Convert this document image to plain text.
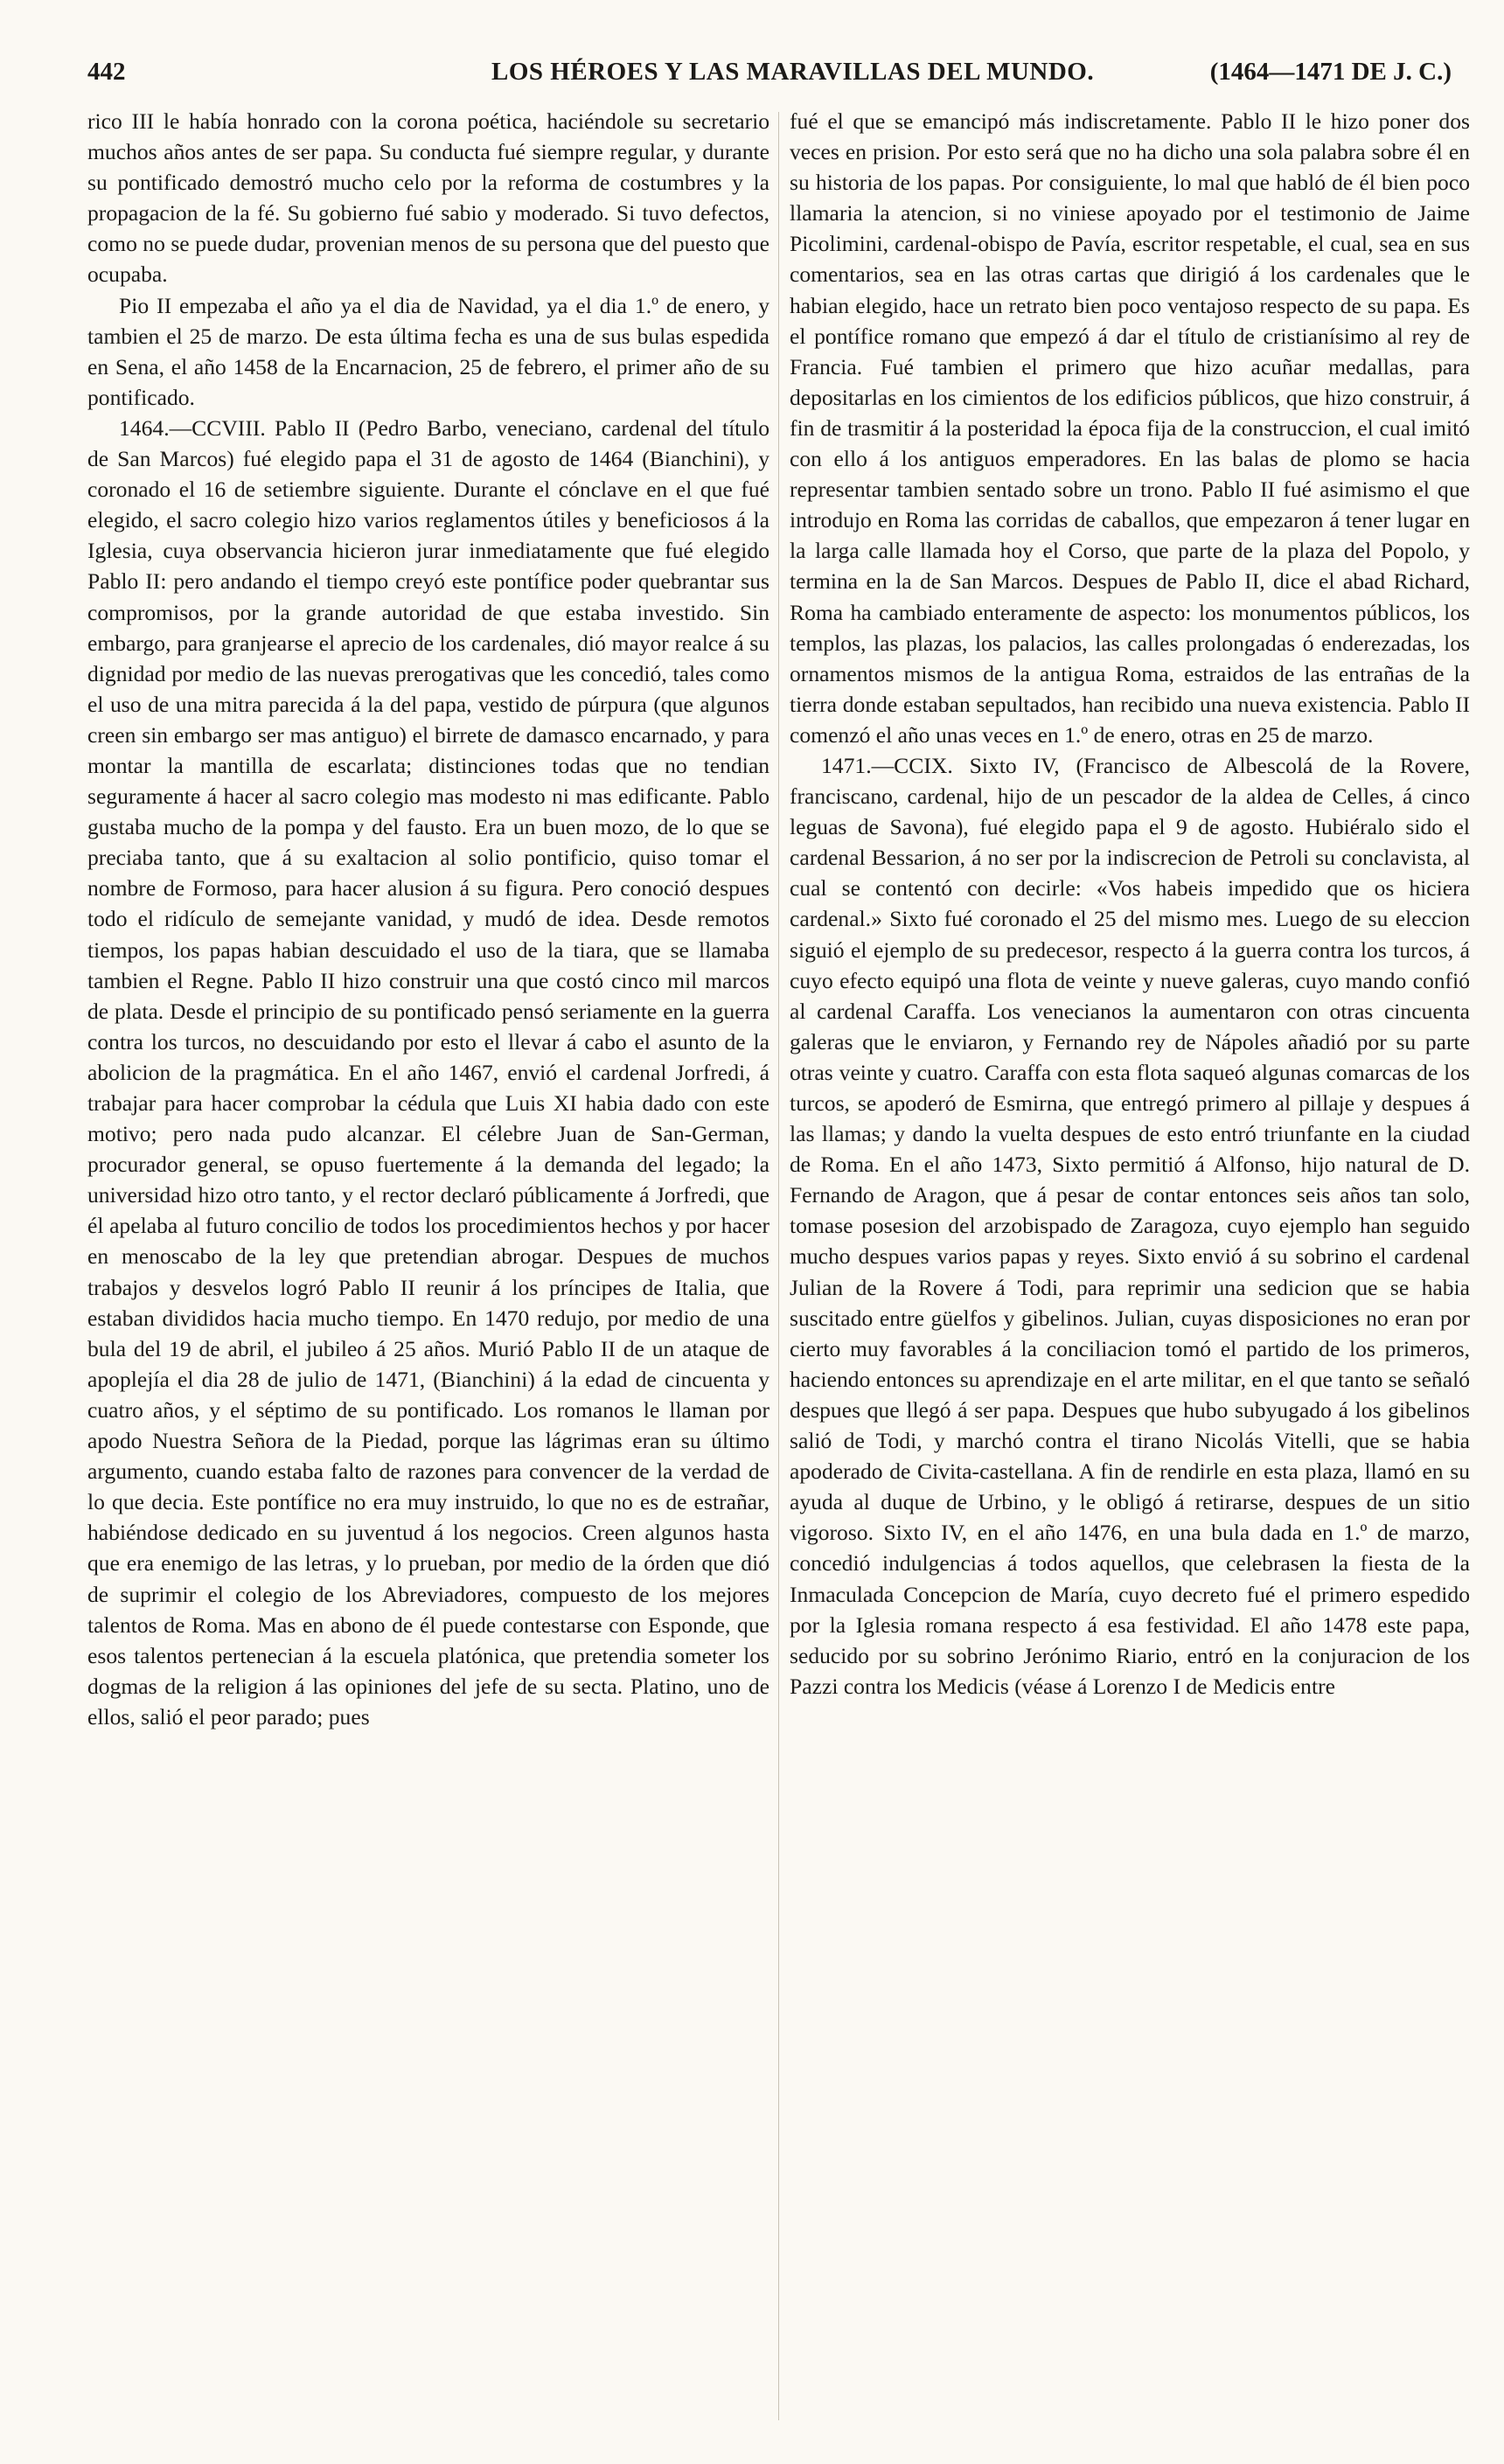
442	LOS HÉROES Y LAS MARAVILLAS DEL MUNDO.	(1464—1471 DE J. C.)

rico III le había honrado con la corona poética, haciéndole su secretario muchos años antes de ser papa. Su conducta fué siempre regular, y durante su pontificado demostró mucho celo por la reforma de costumbres y la propagacion de la fé. Su gobierno fué sabio y moderado. Si tuvo defectos, como no se puede dudar, provenian menos de su persona que del puesto que ocupaba.

Pio II empezaba el año ya el dia de Navidad, ya el dia 1.º de enero, y tambien el 25 de marzo. De esta última fecha es una de sus bulas espedida en Sena, el año 1458 de la Encarnacion, 25 de febrero, el primer año de su pontificado.

1464.—CCVIII. Pablo II (Pedro Barbo, veneciano, cardenal del título de San Marcos) fué elegido papa el 31 de agosto de 1464 (Bianchini), y coronado el 16 de setiembre siguiente. Durante el cónclave en el que fué elegido, el sacro colegio hizo varios reglamentos útiles y beneficiosos á la Iglesia, cuya observancia hicieron jurar inmediatamente que fué elegido Pablo II: pero andando el tiempo creyó este pontífice poder quebrantar sus compromisos, por la grande autoridad de que estaba investido. Sin embargo, para granjearse el aprecio de los cardenales, dió mayor realce á su dignidad por medio de las nuevas prerogativas que les concedió, tales como el uso de una mitra parecida á la del papa, vestido de púrpura (que algunos creen sin embargo ser mas antiguo) el birrete de damasco encarnado, y para montar la mantilla de escarlata; distinciones todas que no tendian seguramente á hacer al sacro colegio mas modesto ni mas edificante. Pablo gustaba mucho de la pompa y del fausto. Era un buen mozo, de lo que se preciaba tanto, que á su exaltacion al solio pontificio, quiso tomar el nombre de Formoso, para hacer alusion á su figura. Pero conoció despues todo el ridículo de semejante vanidad, y mudó de idea. Desde remotos tiempos, los papas habian descuidado el uso de la tiara, que se llamaba tambien el Regne. Pablo II hizo construir una que costó cinco mil marcos de plata. Desde el principio de su pontificado pensó seriamente en la guerra contra los turcos, no descuidando por esto el llevar á cabo el asunto de la abolicion de la pragmática. En el año 1467, envió el cardenal Jorfredi, á trabajar para hacer comprobar la cédula que Luis XI habia dado con este motivo; pero nada pudo alcanzar. El célebre Juan de San-German, procurador general, se opuso fuertemente á la demanda del legado; la universidad hizo otro tanto, y el rector declaró públicamente á Jorfredi, que él apelaba al futuro concilio de todos los procedimientos hechos y por hacer en menoscabo de la ley que pretendian abrogar. Despues de muchos trabajos y desvelos logró Pablo II reunir á los príncipes de Italia, que estaban divididos hacia mucho tiempo. En 1470 redujo, por medio de una bula del 19 de abril, el jubileo á 25 años. Murió Pablo II de un ataque de apoplejía el dia 28 de julio de 1471, (Bianchini) á la edad de cincuenta y cuatro años, y el séptimo de su pontificado. Los romanos le llaman por apodo Nuestra Señora de la Piedad, porque las lágrimas eran su último argumento, cuando estaba falto de razones para convencer de la verdad de lo que decia. Este pontífice no era muy instruido, lo que no es de estrañar, habiéndose dedicado en su juventud á los negocios. Creen algunos hasta que era enemigo de las letras, y lo prueban, por medio de la órden que dió de suprimir el colegio de los Abreviadores, compuesto de los mejores talentos de Roma. Mas en abono de él puede contestarse con Esponde, que esos talentos pertenecian á la escuela platónica, que pretendia someter los dogmas de la religion á las opiniones del jefe de su secta. Platino, uno de ellos, salió el peor parado; pues

fué el que se emancipó más indiscretamente. Pablo II le hizo poner dos veces en prision. Por esto será que no ha dicho una sola palabra sobre él en su historia de los papas. Por consiguiente, lo mal que habló de él bien poco llamaria la atencion, si no viniese apoyado por el testimonio de Jaime Picolimini, cardenal-obispo de Pavía, escritor respetable, el cual, sea en sus comentarios, sea en las otras cartas que dirigió á los cardenales que le habian elegido, hace un retrato bien poco ventajoso respecto de su papa. Es el pontífice romano que empezó á dar el título de cristianísimo al rey de Francia. Fué tambien el primero que hizo acuñar medallas, para depositarlas en los cimientos de los edificios públicos, que hizo construir, á fin de trasmitir á la posteridad la época fija de la construccion, el cual imitó con ello á los antiguos emperadores. En las balas de plomo se hacia representar tambien sentado sobre un trono. Pablo II fué asimismo el que introdujo en Roma las corridas de caballos, que empezaron á tener lugar en la larga calle llamada hoy el Corso, que parte de la plaza del Popolo, y termina en la de San Marcos. Despues de Pablo II, dice el abad Richard, Roma ha cambiado enteramente de aspecto: los monumentos públicos, los templos, las plazas, los palacios, las calles prolongadas ó enderezadas, los ornamentos mismos de la antigua Roma, estraidos de las entrañas de la tierra donde estaban sepultados, han recibido una nueva existencia. Pablo II comenzó el año unas veces en 1.º de enero, otras en 25 de marzo.

1471.—CCIX. Sixto IV, (Francisco de Albescolá de la Rovere, franciscano, cardenal, hijo de un pescador de la aldea de Celles, á cinco leguas de Savona), fué elegido papa el 9 de agosto. Hubiéralo sido el cardenal Bessarion, á no ser por la indiscrecion de Petroli su conclavista, al cual se contentó con decirle: «Vos habeis impedido que os hiciera cardenal.» Sixto fué coronado el 25 del mismo mes. Luego de su eleccion siguió el ejemplo de su predecesor, respecto á la guerra contra los turcos, á cuyo efecto equipó una flota de veinte y nueve galeras, cuyo mando confió al cardenal Caraffa. Los venecianos la aumentaron con otras cincuenta galeras que le enviaron, y Fernando rey de Nápoles añadió por su parte otras veinte y cuatro. Caraffa con esta flota saqueó algunas comarcas de los turcos, se apoderó de Esmirna, que entregó primero al pillaje y despues á las llamas; y dando la vuelta despues de esto entró triunfante en la ciudad de Roma. En el año 1473, Sixto permitió á Alfonso, hijo natural de D. Fernando de Aragon, que á pesar de contar entonces seis años tan solo, tomase posesion del arzobispado de Zaragoza, cuyo ejemplo han seguido mucho despues varios papas y reyes. Sixto envió á su sobrino el cardenal Julian de la Rovere á Todi, para reprimir una sedicion que se habia suscitado entre güelfos y gibelinos. Julian, cuyas disposiciones no eran por cierto muy favorables á la conciliacion tomó el partido de los primeros, haciendo entonces su aprendizaje en el arte militar, en el que tanto se señaló despues que llegó á ser papa. Despues que hubo subyugado á los gibelinos salió de Todi, y marchó contra el tirano Nicolás Vitelli, que se habia apoderado de Civita-castellana. A fin de rendirle en esta plaza, llamó en su ayuda al duque de Urbino, y le obligó á retirarse, despues de un sitio vigoroso. Sixto IV, en el año 1476, en una bula dada en 1.º de marzo, concedió indulgencias á todos aquellos, que celebrasen la fiesta de la Inmaculada Concepcion de María, cuyo decreto fué el primero espedido por la Iglesia romana respecto á esa festividad. El año 1478 este papa, seducido por su sobrino Jerónimo Riario, entró en la conjuracion de los Pazzi contra los Medicis (véase á Lorenzo I de Medicis entre
